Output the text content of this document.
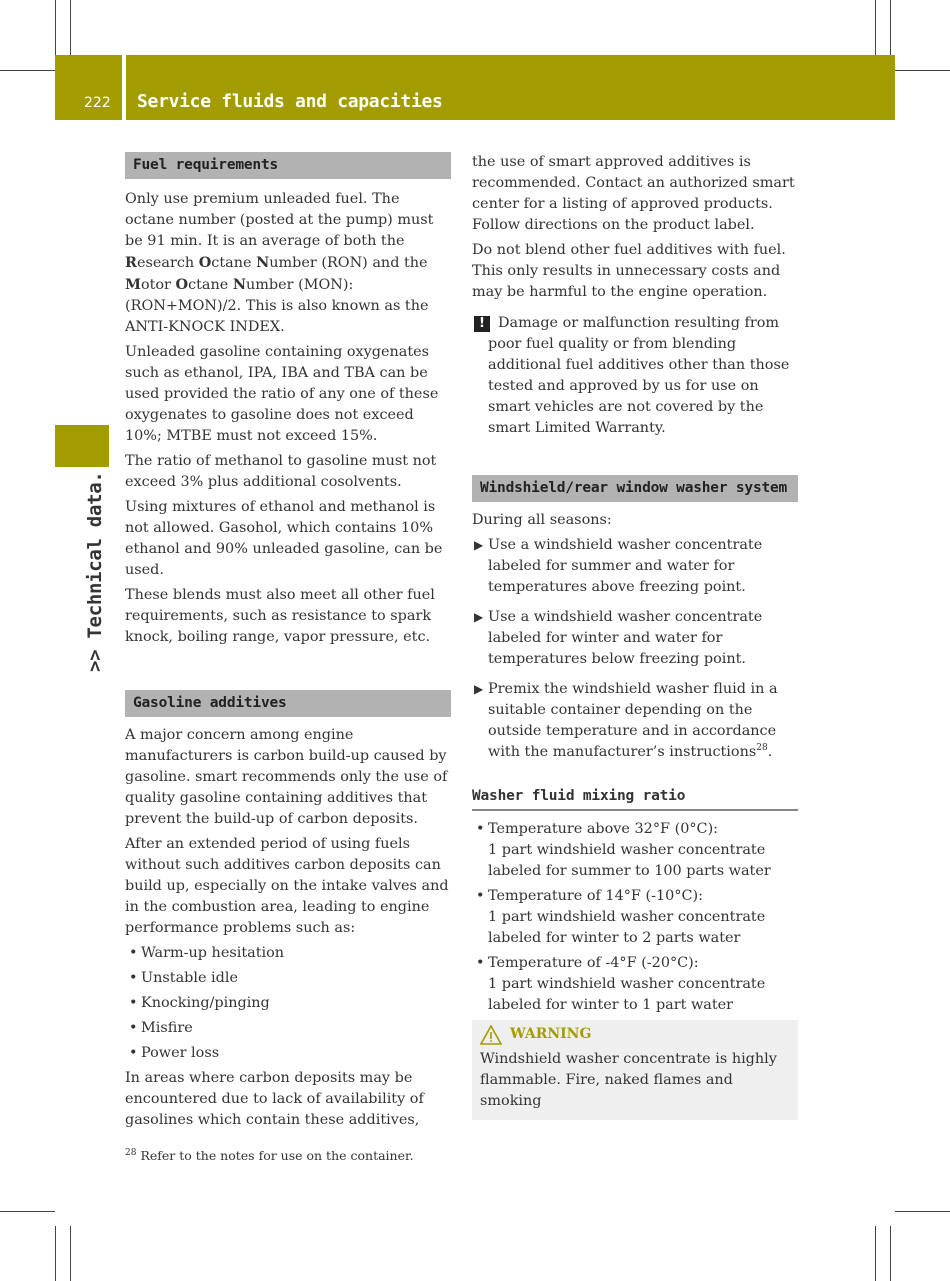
222 Service fluids and capacities
>> Technical data.
Fuel requirements

Only use premium unleaded fuel. The octane number (posted at the pump) must be 91 min. It is an average of both the Research Octane Number (RON) and the Motor Octane Number (MON): (RON+MON)/2. This is also known as the ANTI-KNOCK INDEX.

Unleaded gasoline containing oxygenates such as ethanol, IPA, IBA and TBA can be used provided the ratio of any one of these oxygenates to gasoline does not exceed 10%; MTBE must not exceed 15%.

The ratio of methanol to gasoline must not exceed 3% plus additional cosolvents.

Using mixtures of ethanol and methanol is not allowed. Gasohol, which contains 10% ethanol and 90% unleaded gasoline, can be used.

These blends must also meet all other fuel requirements, such as resistance to spark knock, boiling range, vapor pressure, etc.

Gasoline additives

A major concern among engine manufacturers is carbon build-up caused by gasoline. smart recommends only the use of quality gasoline containing additives that prevent the build-up of carbon deposits.

After an extended period of using fuels without such additives carbon deposits can build up, especially on the intake valves and in the combustion area, leading to engine performance problems such as:

• Warm-up hesitation
• Unstable idle
• Knocking/pinging
• Misfire
• Power loss

In areas where carbon deposits may be encountered due to lack of availability of gasolines which contain these additives,

the use of smart approved additives is recommended. Contact an authorized smart center for a listing of approved products. Follow directions on the product label.

Do not blend other fuel additives with fuel. This only results in unnecessary costs and may be harmful to the engine operation.

! Damage or malfunction resulting from poor fuel quality or from blending additional fuel additives other than those tested and approved by us for use on smart vehicles are not covered by the smart Limited Warranty.
Windshield/rear window washer system

During all seasons:

▶ Use a windshield washer concentrate labeled for summer and water for temperatures above freezing point.
▶ Use a windshield washer concentrate labeled for winter and water for temperatures below freezing point.
▶ Premix the windshield washer fluid in a suitable container depending on the outside temperature and in accordance with the manufacturer’s instructions$^{28}$.
Washer fluid mixing ratio
• Temperature above 32°F (0°C):
1 part windshield washer concentrate labeled for summer to 100 parts water
• Temperature of 14°F (-10°C):
1 part windshield washer concentrate labeled for winter to 2 parts water
• Temperature of -4°F (-20°C):
1 part windshield washer concentrate labeled for winter to 1 part water
WARNING

Windshield washer concentrate is highly flammable. Fire, naked flames and smoking

$^{28}$ Refer to the notes for use on the container.
